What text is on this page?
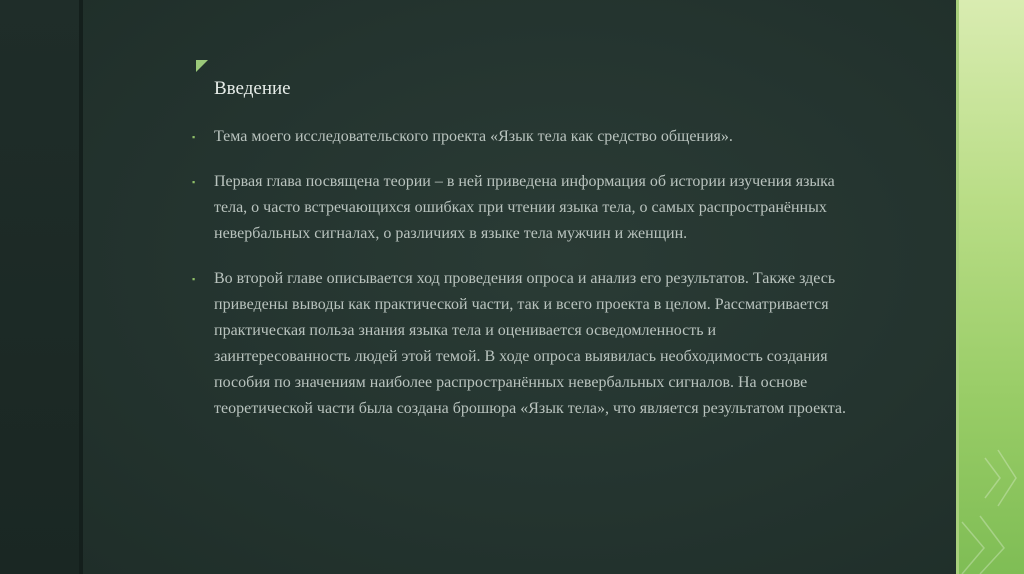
Введение
▪ Тема моего исследовательского проекта «Язык тела как средство общения».
▪ Первая глава посвящена теории – в ней приведена информация об истории изучения языка тела, о часто встречающихся ошибках при чтении языка тела, о самых распространённых невербальных сигналах, о различиях в языке тела мужчин и женщин.
▪ Во второй главе описывается ход проведения опроса и анализ его результатов. Также здесь приведены выводы как практической части, так и всего проекта в целом. Рассматривается практическая польза знания языка тела и оценивается осведомленность и заинтересованность людей этой темой. В ходе опроса выявилась необходимость создания пособия по значениям наиболее распространённых невербальных сигналов. На основе теоретической части была создана брошюра «Язык тела», что является результатом проекта.
